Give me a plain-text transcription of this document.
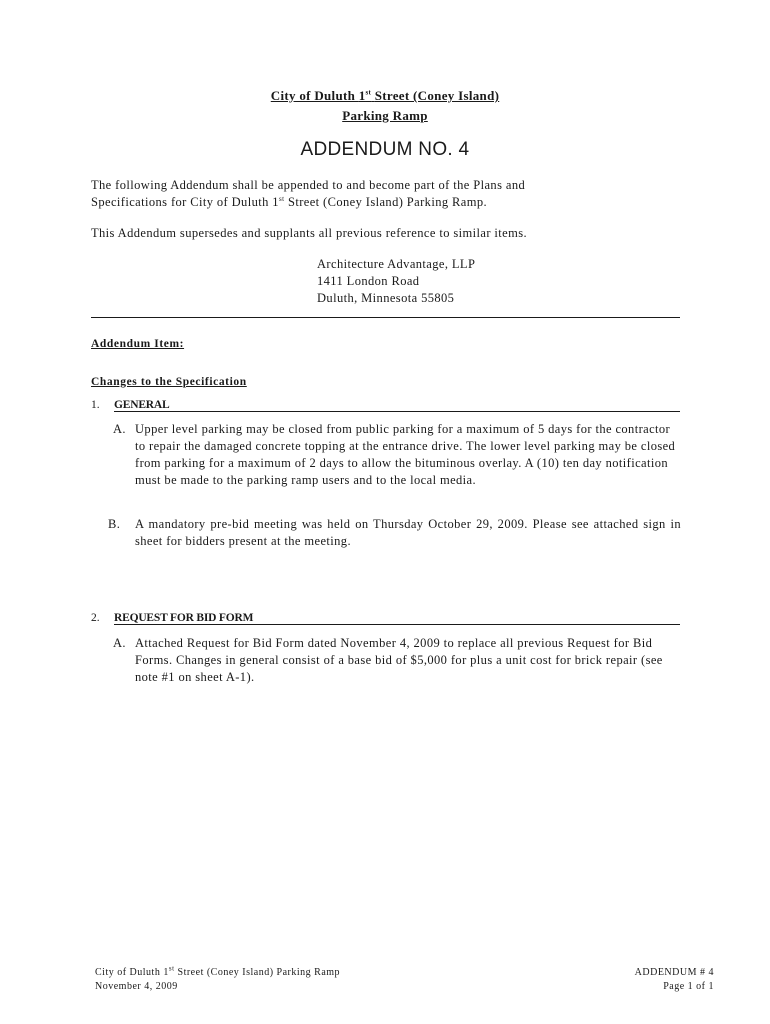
City of Duluth 1st Street (Coney Island)
Parking Ramp
ADDENDUM NO. 4
The following Addendum shall be appended to and become part of the Plans and
Specifications for City of Duluth 1st Street (Coney Island) Parking Ramp.
This Addendum supersedes and supplants all previous reference to similar items.
Architecture Advantage, LLP
1411 London Road
Duluth, Minnesota 55805
Addendum Item:
Changes to the Specification
1.	GENERAL
A. Upper level parking may be closed from public parking for a maximum of 5 days for the contractor to repair the damaged concrete topping at the entrance drive. The lower level parking may be closed from parking for a maximum of 2 days to allow the bituminous overlay. A (10) ten day notification must be made to the parking ramp users and to the local media.
B.	A mandatory pre-bid meeting was held on Thursday October 29, 2009. Please see attached sign in sheet for bidders present at the meeting.
2.	REQUEST FOR BID FORM
A. Attached Request for Bid Form dated November 4, 2009 to replace all previous Request for Bid Forms. Changes in general consist of a base bid of $5,000 for plus a unit cost for brick repair (see note #1 on sheet A-1).
City of Duluth 1st Street (Coney Island) Parking Ramp
November 4, 2009
ADDENDUM # 4
Page 1 of 1
